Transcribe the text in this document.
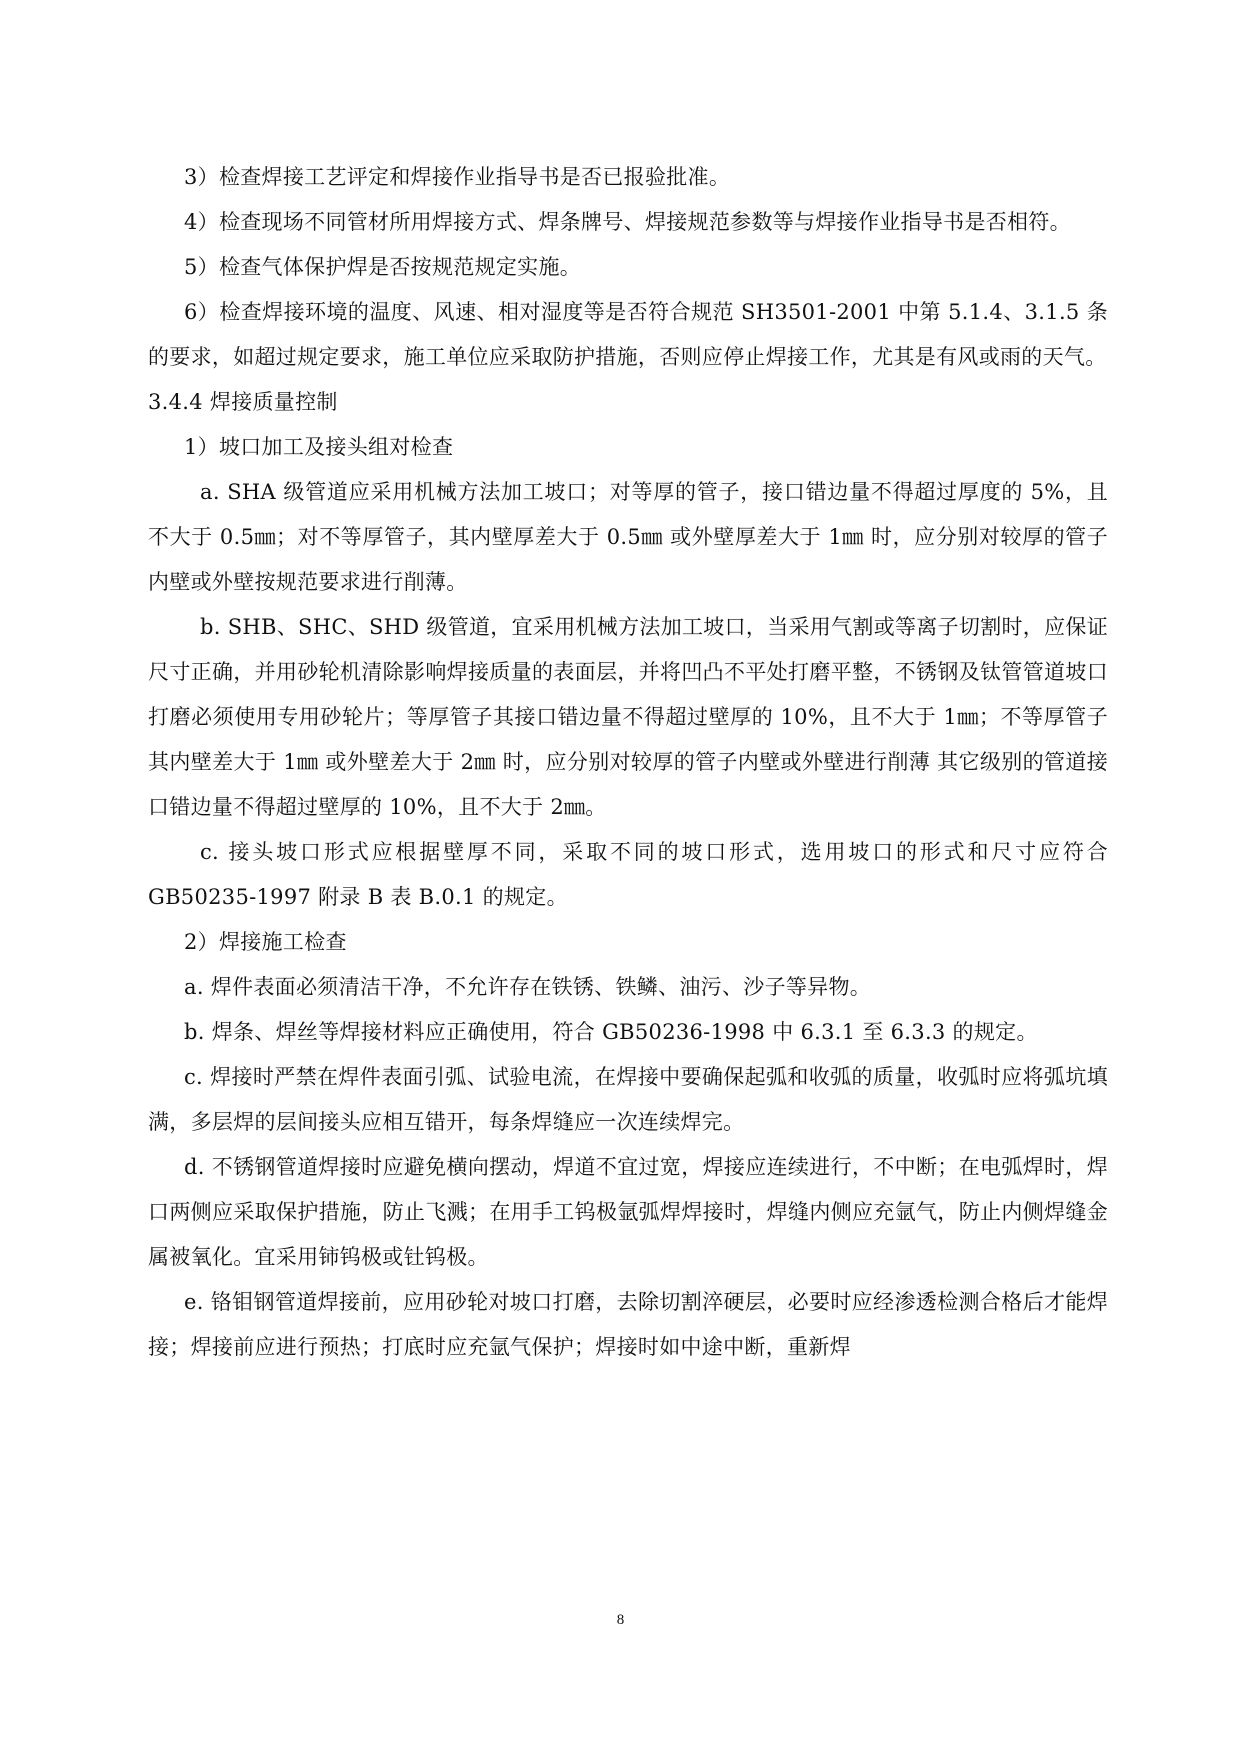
3）检查焊接工艺评定和焊接作业指导书是否已报验批准。

4）检查现场不同管材所用焊接方式、焊条牌号、焊接规范参数等与焊接作业指导书是否相符。

5）检查气体保护焊是否按规范规定实施。

6）检查焊接环境的温度、风速、相对湿度等是否符合规范 SH3501-2001 中第 5.1.4、3.1.5 条的要求，如超过规定要求，施工单位应采取防护措施，否则应停止焊接工作，尤其是有风或雨的天气。

3.4.4 焊接质量控制

1）坡口加工及接头组对检查

a. SHA 级管道应采用机械方法加工坡口；对等厚的管子，接口错边量不得超过厚度的 5%，且不大于 0.5㎜；对不等厚管子，其内壁厚差大于 0.5㎜ 或外壁厚差大于 1㎜ 时，应分别对较厚的管子内壁或外壁按规范要求进行削薄。

b. SHB、SHC、SHD 级管道，宜采用机械方法加工坡口，当采用气割或等离子切割时，应保证尺寸正确，并用砂轮机清除影响焊接质量的表面层，并将凹凸不平处打磨平整，不锈钢及钛管管道坡口打磨必须使用专用砂轮片；等厚管子其接口错边量不得超过壁厚的 10%，且不大于 1㎜；不等厚管子其内壁差大于 1㎜ 或外壁差大于 2㎜ 时，应分别对较厚的管子内壁或外壁进行削薄 其它级别的管道接口错边量不得超过壁厚的 10%，且不大于 2㎜。

c. 接头坡口形式应根据壁厚不同，采取不同的坡口形式，选用坡口的形式和尺寸应符合 GB50235-1997 附录 B 表 B.0.1 的规定。

2）焊接施工检查

a. 焊件表面必须清洁干净，不允许存在铁锈、铁鳞、油污、沙子等异物。

b. 焊条、焊丝等焊接材料应正确使用，符合 GB50236-1998 中 6.3.1 至 6.3.3 的规定。

c. 焊接时严禁在焊件表面引弧、试验电流，在焊接中要确保起弧和收弧的质量，收弧时应将弧坑填满，多层焊的层间接头应相互错开，每条焊缝应一次连续焊完。

d. 不锈钢管道焊接时应避免横向摆动，焊道不宜过宽，焊接应连续进行，不中断；在电弧焊时，焊口两侧应采取保护措施，防止飞溅；在用手工钨极氩弧焊焊接时，焊缝内侧应充氩气，防止内侧焊缝金属被氧化。宜采用铈钨极或钍钨极。

e. 铬钼钢管道焊接前，应用砂轮对坡口打磨，去除切割淬硬层，必要时应经渗透检测合格后才能焊接；焊接前应进行预热；打底时应充氩气保护；焊接时如中途中断，重新焊

8
